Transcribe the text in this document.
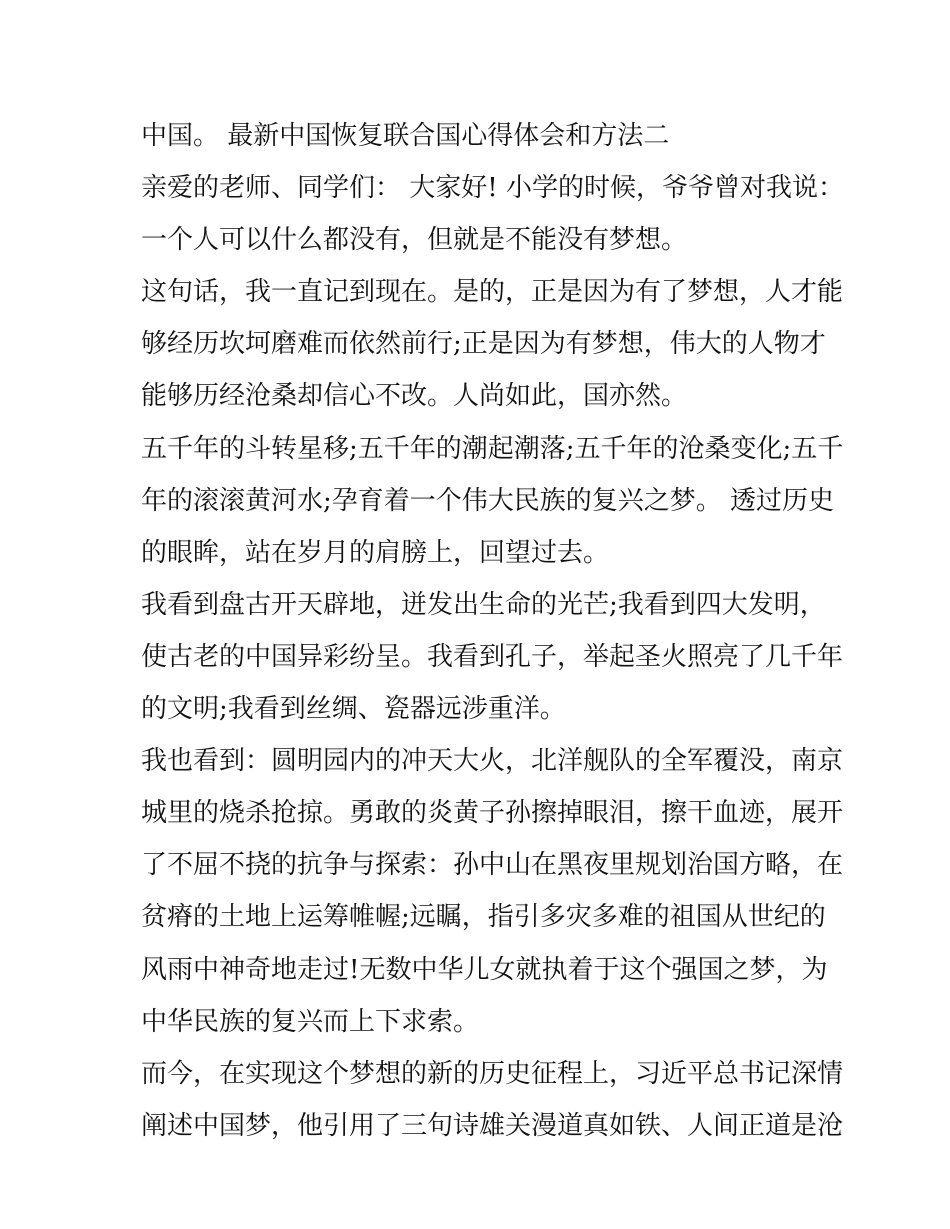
中国。 最新中国恢复联合国心得体会和方法二
亲爱的老师、同学们： 大家好! 小学的时候，爷爷曾对我说：
一个人可以什么都没有，但就是不能没有梦想。
这句话，我一直记到现在。是的，正是因为有了梦想，人才能
够经历坎坷磨难而依然前行;正是因为有梦想，伟大的人物才
能够历经沧桑却信心不改。人尚如此，国亦然。
五千年的斗转星移;五千年的潮起潮落;五千年的沧桑变化;五千
年的滚滚黄河水;孕育着一个伟大民族的复兴之梦。 透过历史
的眼眸，站在岁月的肩膀上，回望过去。
我看到盘古开天辟地，迸发出生命的光芒;我看到四大发明，
使古老的中国异彩纷呈。我看到孔子，举起圣火照亮了几千年
的文明;我看到丝绸、瓷器远涉重洋。
我也看到：圆明园内的冲天大火，北洋舰队的全军覆没，南京
城里的烧杀抢掠。勇敢的炎黄子孙擦掉眼泪，擦干血迹，展开
了不屈不挠的抗争与探索：孙中山在黑夜里规划治国方略，在
贫瘠的土地上运筹帷幄;远瞩，指引多灾多难的祖国从世纪的
风雨中神奇地走过!无数中华儿女就执着于这个强国之梦，为
中华民族的复兴而上下求索。
而今，在实现这个梦想的新的历史征程上，习近平总书记深情
阐述中国梦，他引用了三句诗雄关漫道真如铁、人间正道是沧
